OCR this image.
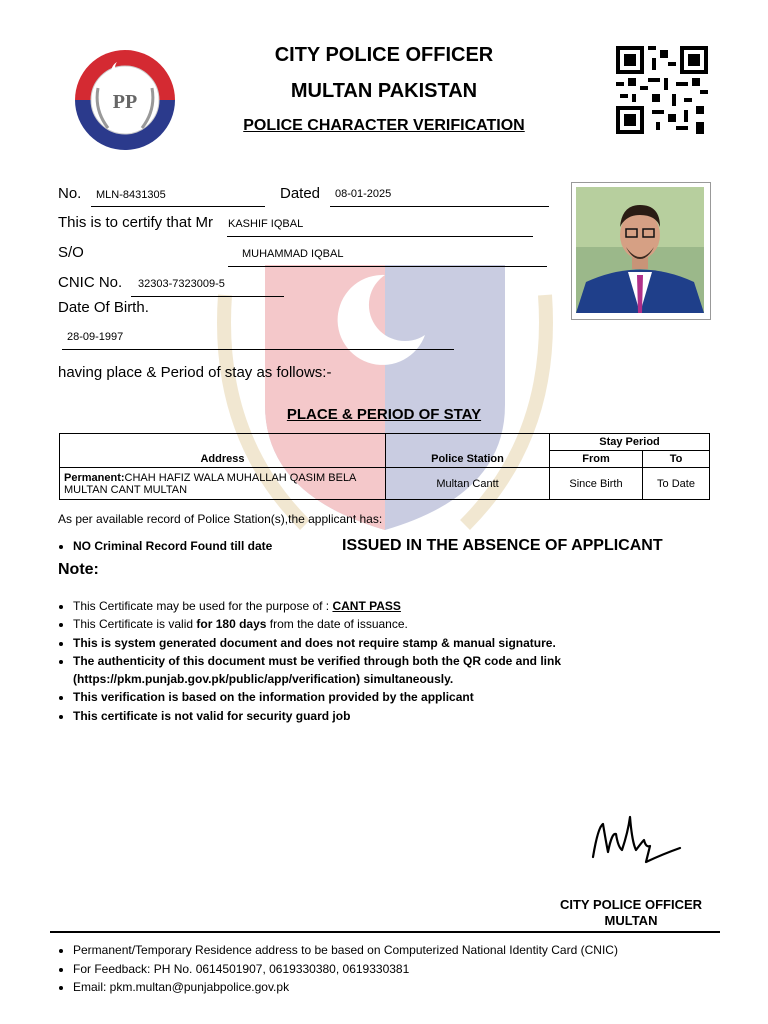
PP
CITY POLICE OFFICER
MULTAN PAKISTAN
POLICE CHARACTER VERIFICATION
No. MLN-8431305	Dated 08-01-2025
This is to certify that Mr KASHIF IQBAL
S/O	MUHAMMAD IQBAL
CNIC No. 32303-7323009-5
Date Of Birth.
28-09-1997
having place & Period of stay as follows:-
PLACE & PERIOD OF STAY
Address	Police Station	Stay Period	
		From	To
Permanent:CHAH HAFIZ WALA MUHALLAH QASIM BELA MULTAN CANT MULTAN	Multan Cantt	Since Birth	To Date
As per available record of Police Station(s),the applicant has:
• NO Criminal Record Found till date	ISSUED IN THE ABSENCE OF APPLICANT
Note:
• This Certificate may be used for the purpose of : CANT PASS
• This Certificate is valid for 180 days from the date of issuance.
• This is system generated document and does not require stamp & manual signature.
• The authenticity of this document must be verified through both the QR code and link (https://pkm.punjab.gov.pk/public/app/verification) simultaneously.
• This verification is based on the information provided by the applicant
• This certificate is not valid for security guard job
CITY POLICE OFFICER
MULTAN
• Permanent/Temporary Residence address to be based on Computerized National Identity Card (CNIC)
• For Feedback: PH No. 0614501907, 0619330380, 0619330381
• Email: pkm.multan@punjabpolice.gov.pk
